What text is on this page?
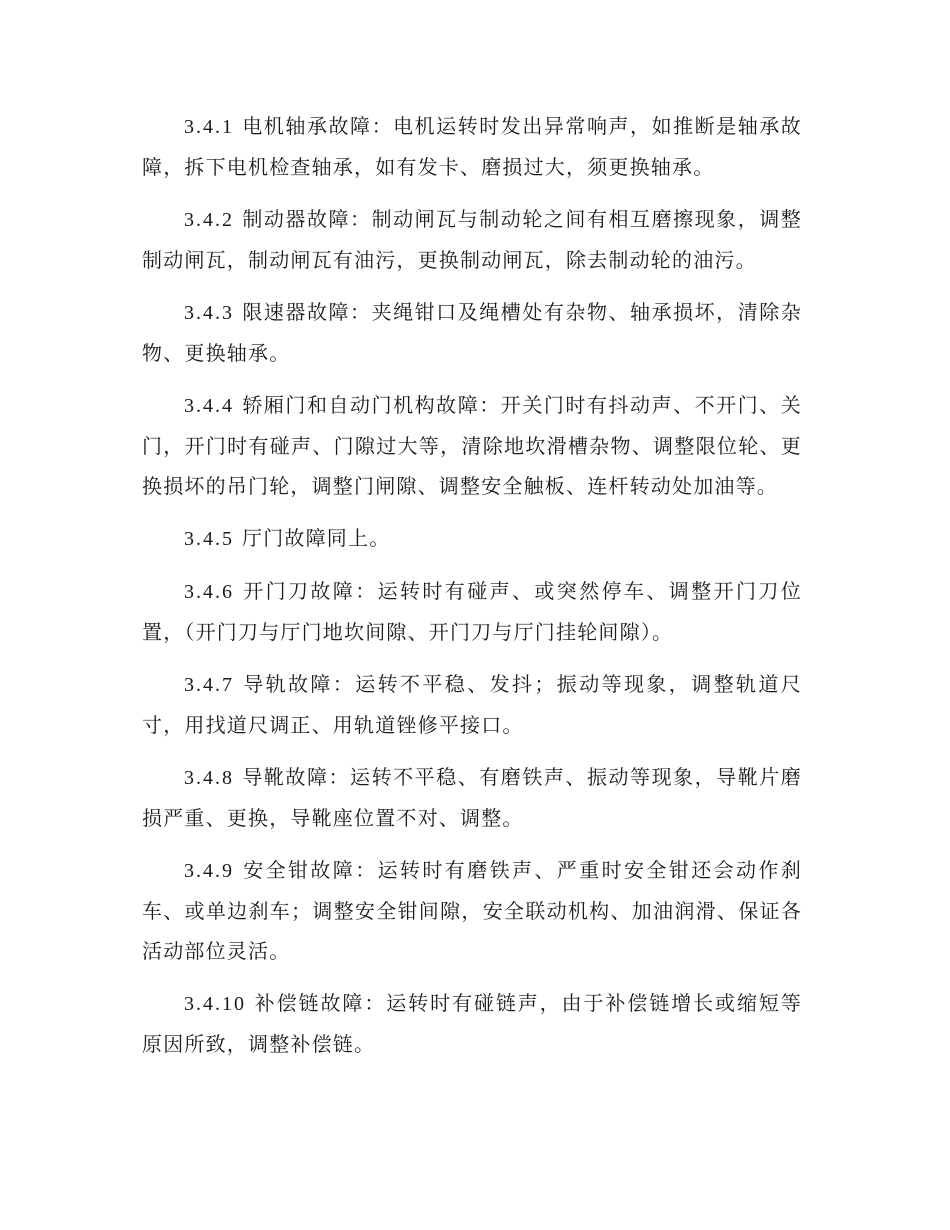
3.4.1 电机轴承故障：电机运转时发出异常响声，如推断是轴承故障，拆下电机检查轴承，如有发卡、磨损过大，须更换轴承。

3.4.2 制动器故障：制动闸瓦与制动轮之间有相互磨擦现象，调整制动闸瓦，制动闸瓦有油污，更换制动闸瓦，除去制动轮的油污。

3.4.3 限速器故障：夹绳钳口及绳槽处有杂物、轴承损坏，清除杂物、更换轴承。

3.4.4 轿厢门和自动门机构故障：开关门时有抖动声、不开门、关门，开门时有碰声、门隙过大等，清除地坎滑槽杂物、调整限位轮、更换损坏的吊门轮，调整门闸隙、调整安全触板、连杆转动处加油等。

3.4.5 厅门故障同上。

3.4.6 开门刀故障：运转时有碰声、或突然停车、调整开门刀位置，（开门刀与厅门地坎间隙、开门刀与厅门挂轮间隙）。

3.4.7 导轨故障：运转不平稳、发抖；振动等现象，调整轨道尺寸，用找道尺调正、用轨道锉修平接口。

3.4.8 导靴故障：运转不平稳、有磨铁声、振动等现象，导靴片磨损严重、更换，导靴座位置不对、调整。

3.4.9 安全钳故障：运转时有磨铁声、严重时安全钳还会动作刹车、或单边刹车；调整安全钳间隙，安全联动机构、加油润滑、保证各活动部位灵活。

3.4.10 补偿链故障：运转时有碰链声，由于补偿链增长或缩短等原因所致，调整补偿链。
